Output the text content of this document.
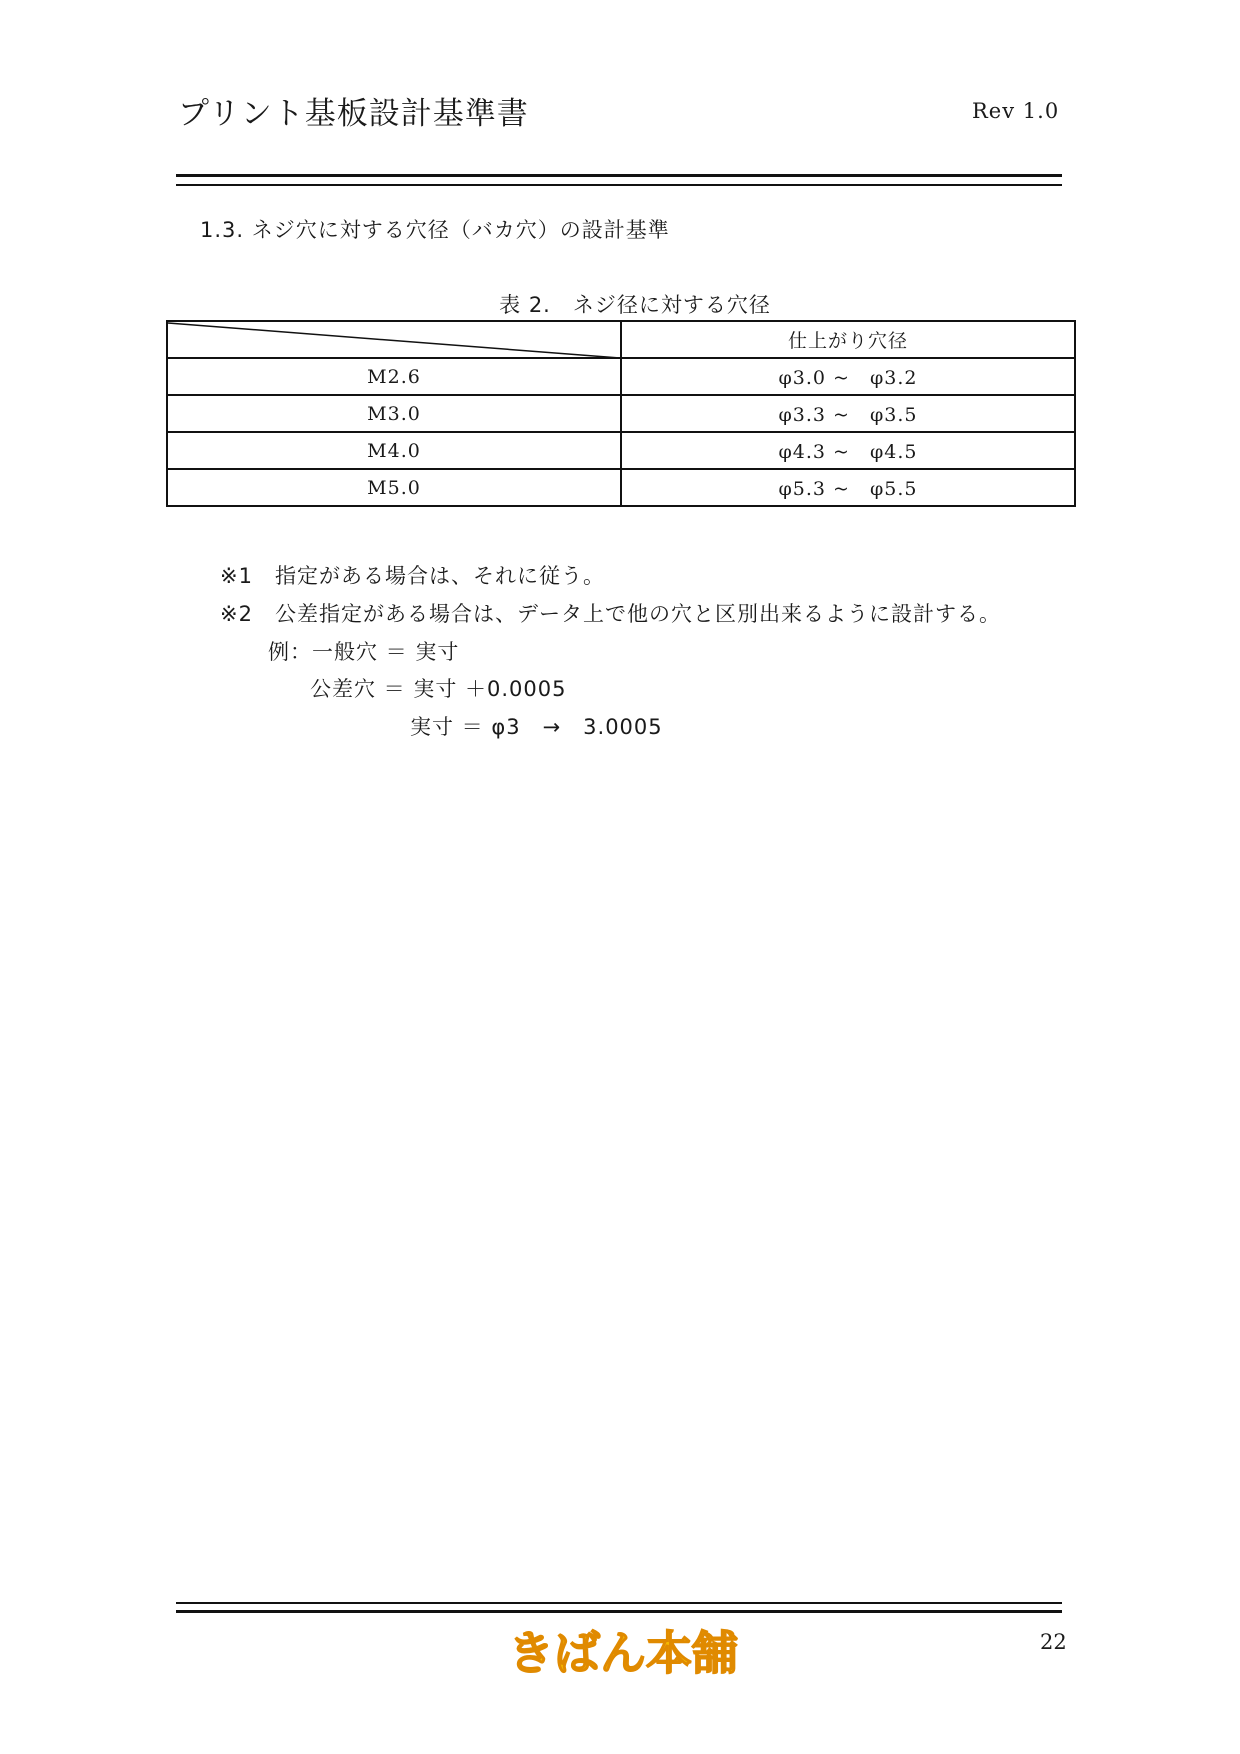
プリント基板設計基準書	Rev 1.0
1.3. ネジ穴に対する穴径（バカ穴）の設計基準
表 2.　ネジ径に対する穴径
	仕上がり穴径
M2.6	φ3.0 ~　φ3.2
M3.0	φ3.3 ~　φ3.5
M4.0	φ4.3 ~　φ4.5
M5.0	φ5.3 ~　φ5.5
※1　指定がある場合は、それに従う。
※2　公差指定がある場合は、データ上で他の穴と区別出来るように設計する。
例：一般穴 ＝ 実寸
公差穴 ＝ 実寸 ＋0.0005
実寸 ＝ φ3　→　3.0005
きばん本舗	22
